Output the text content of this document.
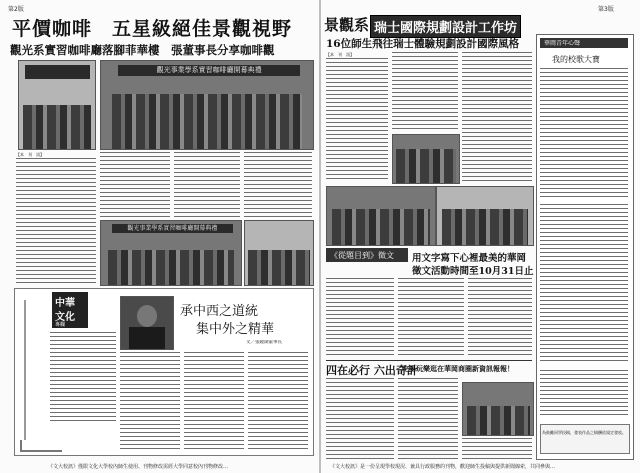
第2版
平價咖啡　五星級絕佳景觀視野
觀光系實習咖啡廳落腳菲華樓　張董事長分享咖啡觀
觀光事業學系實習咖啡廳開幕典禮
【本　刊　訊】
觀光事業學系實習咖啡廳開幕典禮
中華
文化
專欄
承中西之道統
集中外之精華
文／張鏡湖董事長
《文大校訊》僅限文化大學校內師生使用、刊物修改需經大學同意校內刊物修改…
第3版
景觀系 瑞士國際規劃設計工作坊
16位師生飛往瑞士體驗規劃設計國際風格
【本　刊　訊】
《從題目到》徵文 用文字寫下心裡最美的華岡
徵文活動時間至10月31日止
四在必行 六出奇計
吃喝玩樂逛在華岡商圈新資訊報報！
華岡青年心聲
我的校歌大寶
為鼓勵同學投稿，發表作品之稿酬依規定發放。
《文大校訊》是一份呈現學校現況、兼具行政服務的刊物，歡迎師生投稿與提供新聞線索，共同參與…
